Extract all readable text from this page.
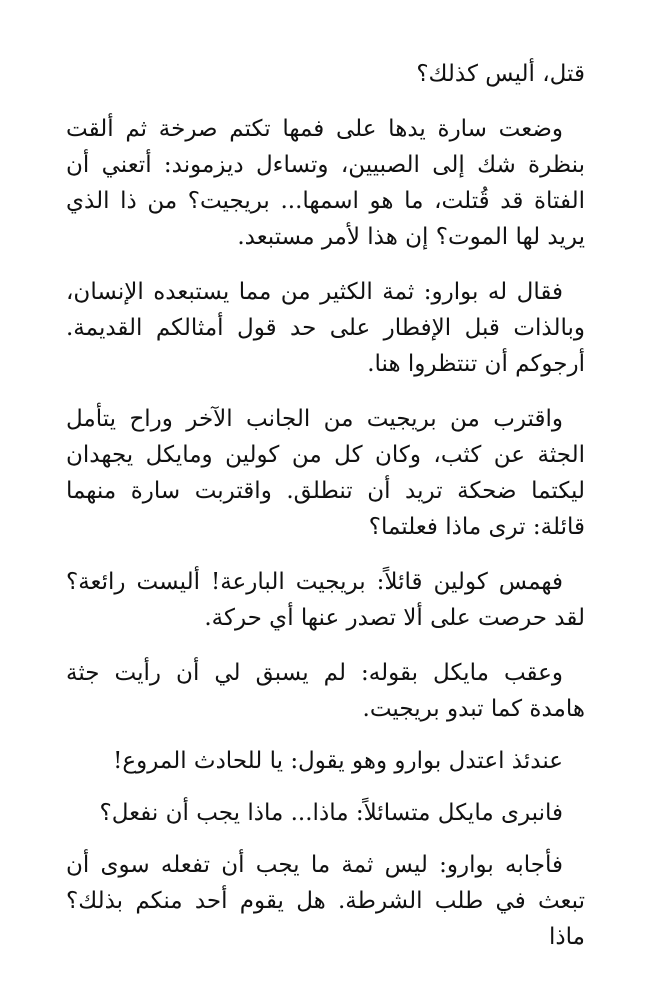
قتل، أليس كذلك؟

وضعت سارة يدها على فمها تكتم صرخة ثم ألقت بنظرة شك إلى الصبيين، وتساءل ديزموند: أتعني أن الفتاة قد قُتلت، ما هو اسمها... بريجيت؟ من ذا الذي يريد لها الموت؟ إن هذا لأمر مستبعد.

فقال له بوارو: ثمة الكثير من مما يستبعده الإنسان، وبالذات قبل الإفطار على حد قول أمثالكم القديمة. أرجوكم أن تنتظروا هنا.

واقترب من بريجيت من الجانب الآخر وراح يتأمل الجثة عن كثب، وكان كل من كولين ومايكل يجهدان ليكتما ضحكة تريد أن تنطلق. واقتربت سارة منهما قائلة: ترى ماذا فعلتما؟

فهمس كولين قائلاً: بريجيت البارعة! أليست رائعة؟ لقد حرصت على ألا تصدر عنها أي حركة.

وعقب مايكل بقوله: لم يسبق لي أن رأيت جثة هامدة كما تبدو بريجيت.

عندئذ اعتدل بوارو وهو يقول: يا للحادث المروع!

فانبرى مايكل متسائلاً: ماذا... ماذا يجب أن نفعل؟

فأجابه بوارو: ليس ثمة ما يجب أن تفعله سوى أن تبعث في طلب الشرطة. هل يقوم أحد منكم بذلك؟ ماذا
